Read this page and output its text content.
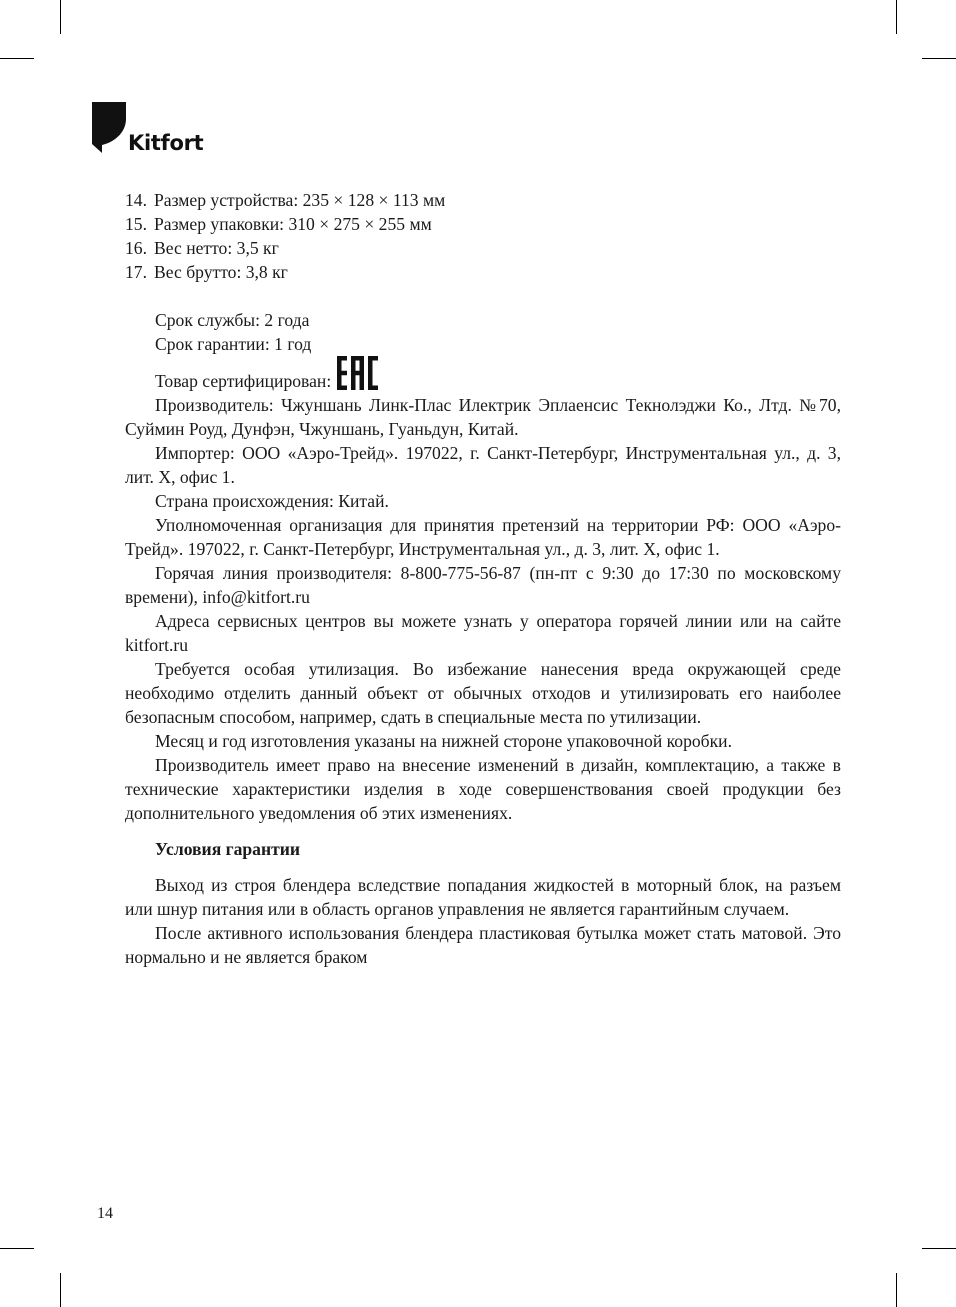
Kitfort
14. Размер устройства: 235 × 128 × 113 мм
15. Размер упаковки: 310 × 275 × 255 мм
16. Вес нетто: 3,5 кг
17. Вес брутто: 3,8 кг

Срок службы: 2 года

Срок гарантии: 1 год

Товар сертифицирован:

Производитель: Чжуншань Линк-Плас Илектрик Эплаенсис Текнолэджи Ко., Лтд. №70, Суймин Роуд, Дунфэн, Чжуншань, Гуаньдун, Китай.

Импортер: ООО «Аэро-Трейд». 197022, г. Санкт-Петербург, Инструментальная ул., д. 3, лит. Х, офис 1.

Страна происхождения: Китай.

Уполномоченная организация для принятия претензий на территории РФ: ООО «Аэро-Трейд». 197022, г. Санкт-Петербург, Инструментальная ул., д. 3, лит. Х, офис 1.

Горячая линия производителя: 8-800-775-56-87 (пн-пт с 9:30 до 17:30 по московскому времени), info@kitfort.ru

Адреса сервисных центров вы можете узнать у оператора горячей линии или на сайте kitfort.ru

Требуется особая утилизация. Во избежание нанесения вреда окружающей среде необходимо отделить данный объект от обычных отходов и утилизировать его наиболее безопасным способом, например, сдать в специальные места по утилизации.

Месяц и год изготовления указаны на нижней стороне упаковочной коробки.

Производитель имеет право на внесение изменений в дизайн, комплектацию, а также в технические характеристики изделия в ходе совершенствования своей продукции без дополнительного уведомления об этих изменениях.

Условия гарантии

Выход из строя блендера вследствие попадания жидкостей в моторный блок, на разъем или шнур питания или в область органов управления не является гарантийным случаем.

После активного использования блендера пластиковая бутылка может стать матовой. Это нормально и не является браком

14
